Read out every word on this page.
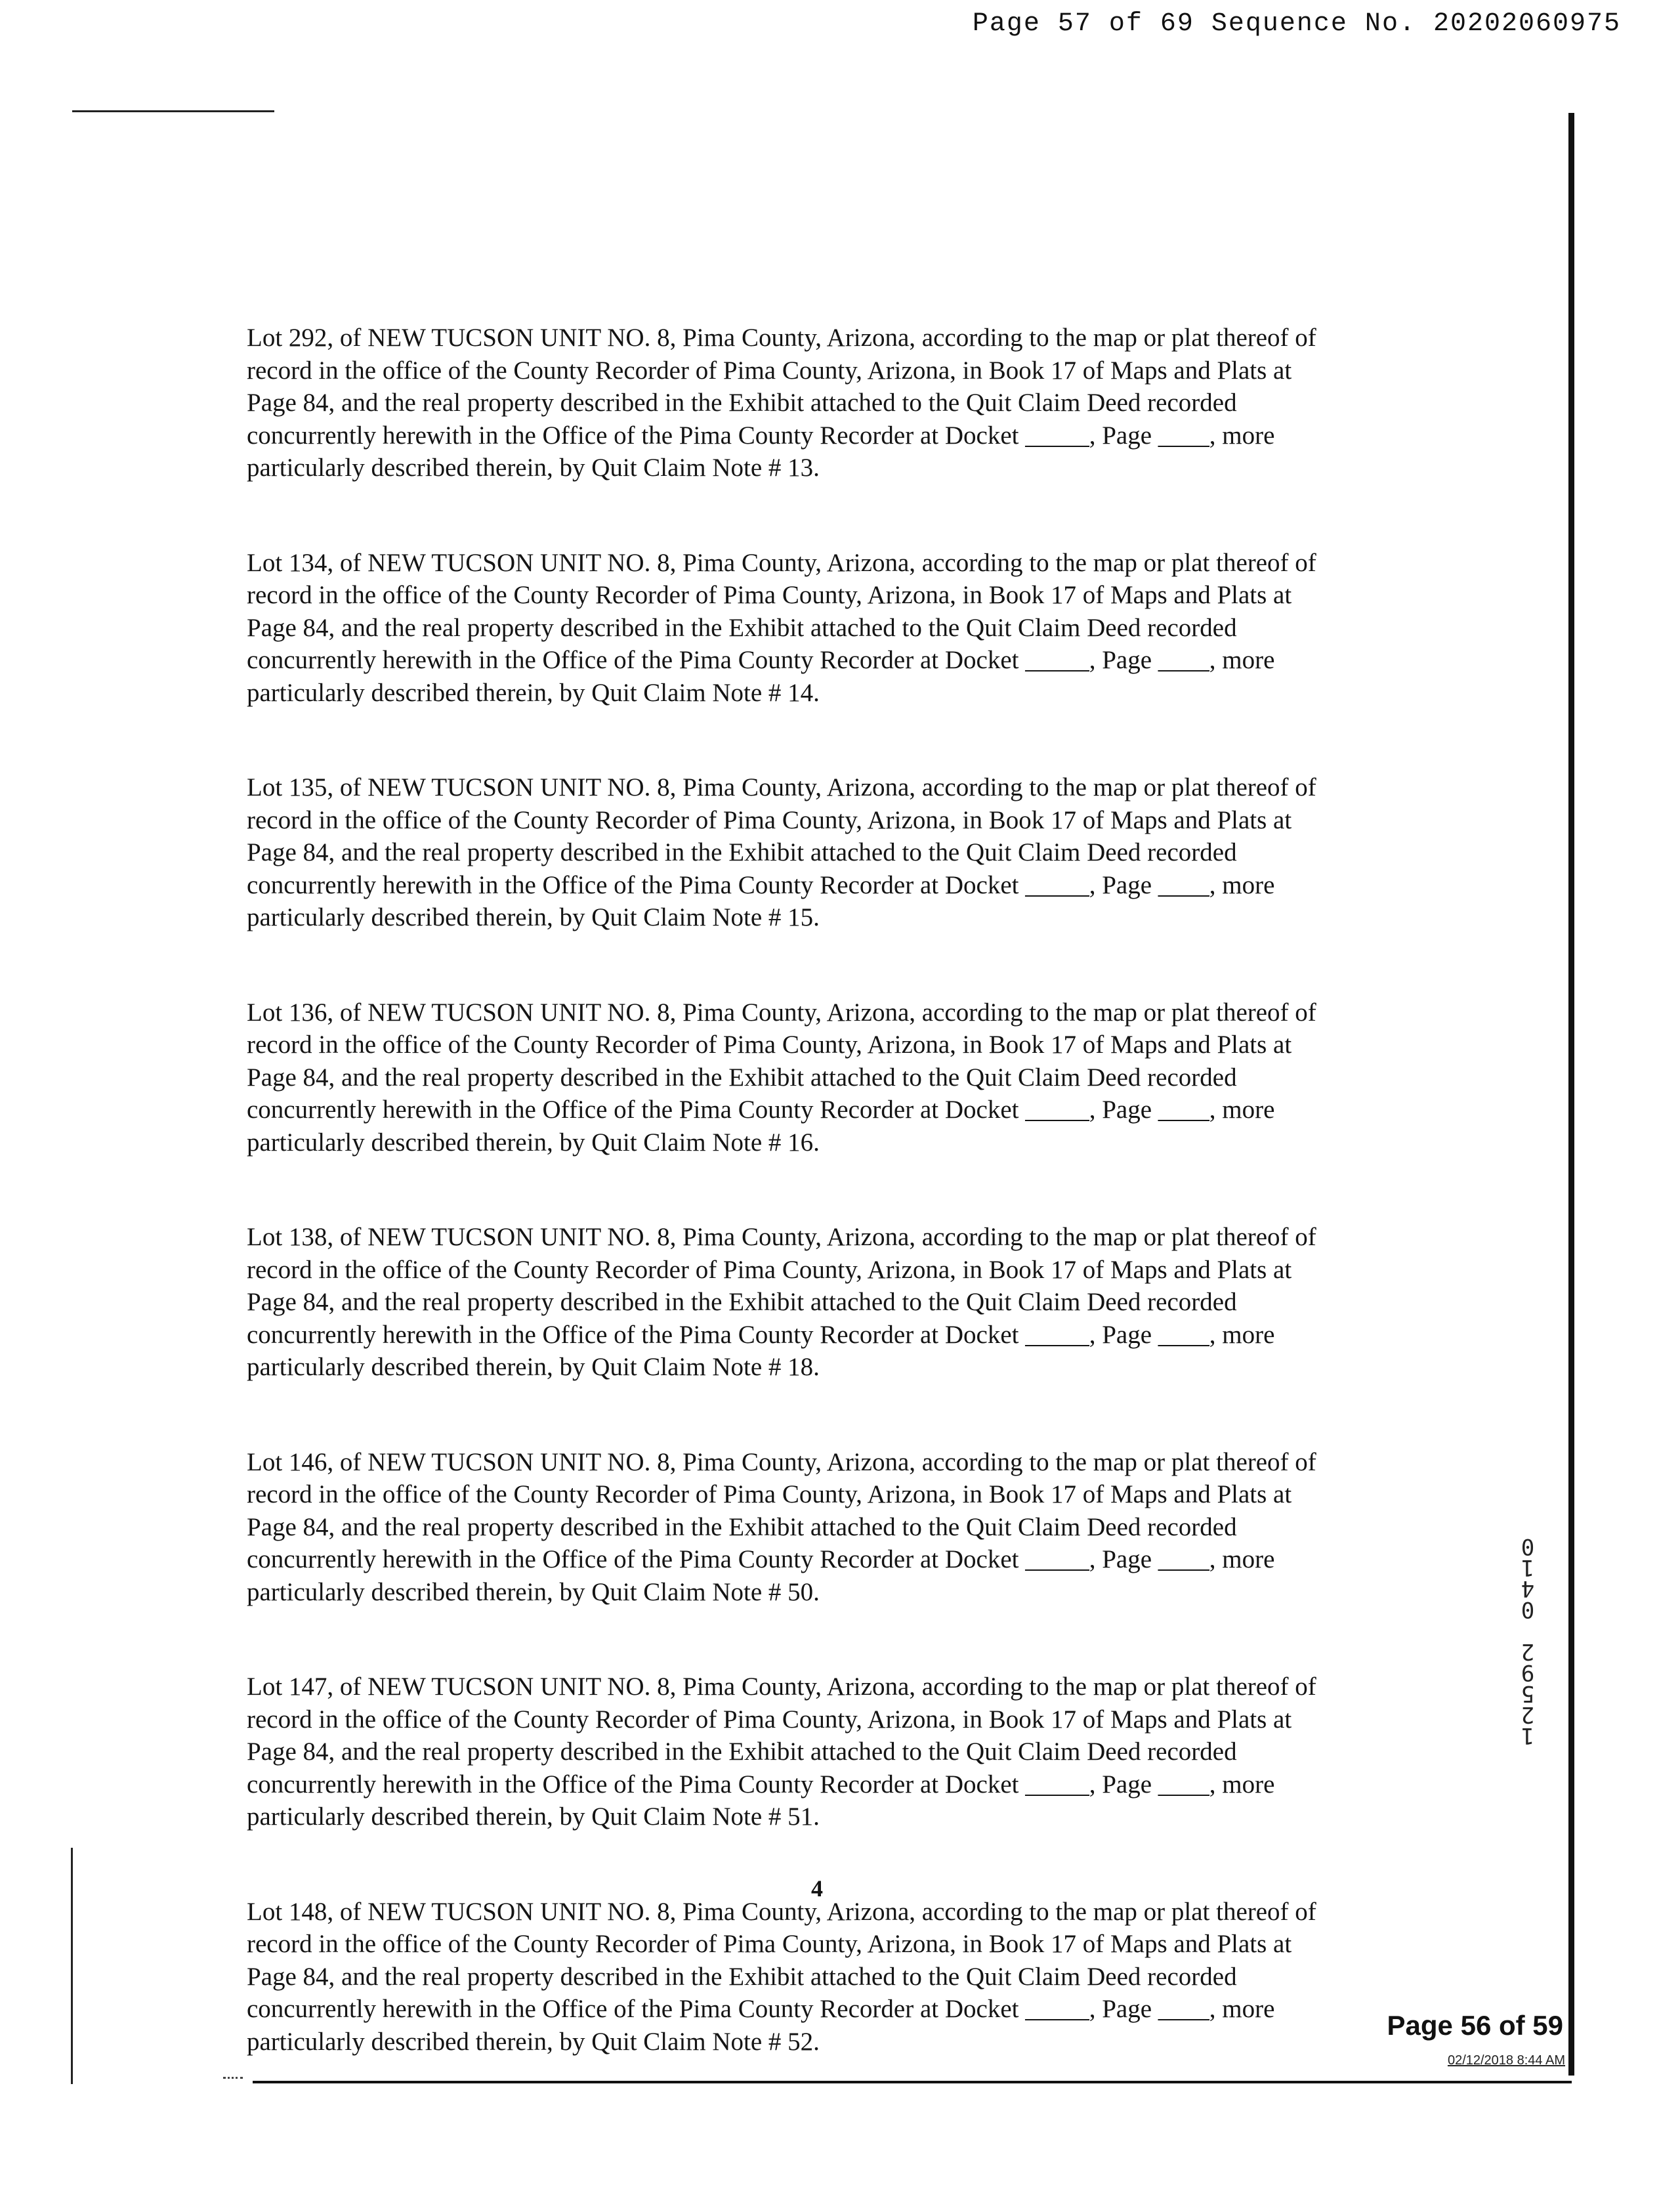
Page 57 of 69 Sequence No. 20202060975

Lot 292, of NEW TUCSON UNIT NO. 8, Pima County, Arizona, according to the map or plat thereof of
record in the office of the County Recorder of Pima County, Arizona, in Book 17 of Maps and Plats at
Page 84, and the real property described in the Exhibit attached to the Quit Claim Deed recorded
concurrently herewith in the Office of the Pima County Recorder at Docket _____, Page ____, more
particularly described therein, by Quit Claim Note # 13.

Lot 134, of NEW TUCSON UNIT NO. 8, Pima County, Arizona, according to the map or plat thereof of
record in the office of the County Recorder of Pima County, Arizona, in Book 17 of Maps and Plats at
Page 84, and the real property described in the Exhibit attached to the Quit Claim Deed recorded
concurrently herewith in the Office of the Pima County Recorder at Docket _____, Page ____, more
particularly described therein, by Quit Claim Note # 14.

Lot 135, of NEW TUCSON UNIT NO. 8, Pima County, Arizona, according to the map or plat thereof of
record in the office of the County Recorder of Pima County, Arizona, in Book 17 of Maps and Plats at
Page 84, and the real property described in the Exhibit attached to the Quit Claim Deed recorded
concurrently herewith in the Office of the Pima County Recorder at Docket _____, Page ____, more
particularly described therein, by Quit Claim Note # 15.

Lot 136, of NEW TUCSON UNIT NO. 8, Pima County, Arizona, according to the map or plat thereof of
record in the office of the County Recorder of Pima County, Arizona, in Book 17 of Maps and Plats at
Page 84, and the real property described in the Exhibit attached to the Quit Claim Deed recorded
concurrently herewith in the Office of the Pima County Recorder at Docket _____, Page ____, more
particularly described therein, by Quit Claim Note # 16.

Lot 138, of NEW TUCSON UNIT NO. 8, Pima County, Arizona, according to the map or plat thereof of
record in the office of the County Recorder of Pima County, Arizona, in Book 17 of Maps and Plats at
Page 84, and the real property described in the Exhibit attached to the Quit Claim Deed recorded
concurrently herewith in the Office of the Pima County Recorder at Docket _____, Page ____, more
particularly described therein, by Quit Claim Note # 18.

Lot 146, of NEW TUCSON UNIT NO. 8, Pima County, Arizona, according to the map or plat thereof of
record in the office of the County Recorder of Pima County, Arizona, in Book 17 of Maps and Plats at
Page 84, and the real property described in the Exhibit attached to the Quit Claim Deed recorded
concurrently herewith in the Office of the Pima County Recorder at Docket _____, Page ____, more
particularly described therein, by Quit Claim Note # 50.

Lot 147, of NEW TUCSON UNIT NO. 8, Pima County, Arizona, according to the map or plat thereof of
record in the office of the County Recorder of Pima County, Arizona, in Book 17 of Maps and Plats at
Page 84, and the real property described in the Exhibit attached to the Quit Claim Deed recorded
concurrently herewith in the Office of the Pima County Recorder at Docket _____, Page ____, more
particularly described therein, by Quit Claim Note # 51.

Lot 148, of NEW TUCSON UNIT NO. 8, Pima County, Arizona, according to the map or plat thereof of
record in the office of the County Recorder of Pima County, Arizona, in Book 17 of Maps and Plats at
Page 84, and the real property described in the Exhibit attached to the Quit Claim Deed recorded
concurrently herewith in the Office of the Pima County Recorder at Docket _____, Page ____, more
particularly described therein, by Quit Claim Note # 52.

4
1
2
5
9
2

0
4
1
0
Page 56 of 59
02/12/2018 8:44 AM
